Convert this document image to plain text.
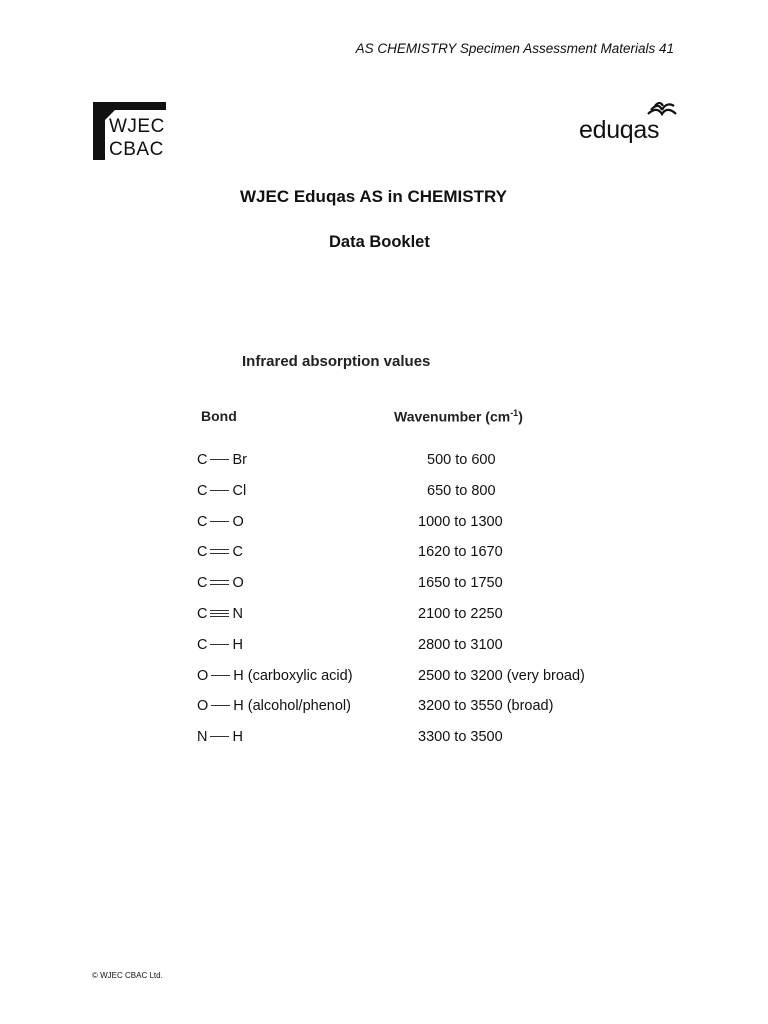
AS CHEMISTRY Specimen Assessment Materials 41
WJEC
CBAC
eduqas
WJEC Eduqas AS in CHEMISTRY
Data Booklet
Infrared absorption values
Bond	Wavenumber $(cm^{-1})$
C Br	500 to 600
C Cl	650 to 800
C O	1000 to 1300
C C	1620 to 1670
C O	1650 to 1750
C N	2100 to 2250
C H	2800 to 3100
O H (carboxylic acid)	2500 to 3200 (very broad)
O H (alcohol/phenol)	3200 to 3550 (broad)
N H	3300 to 3500
© WJEC CBAC Ltd.
